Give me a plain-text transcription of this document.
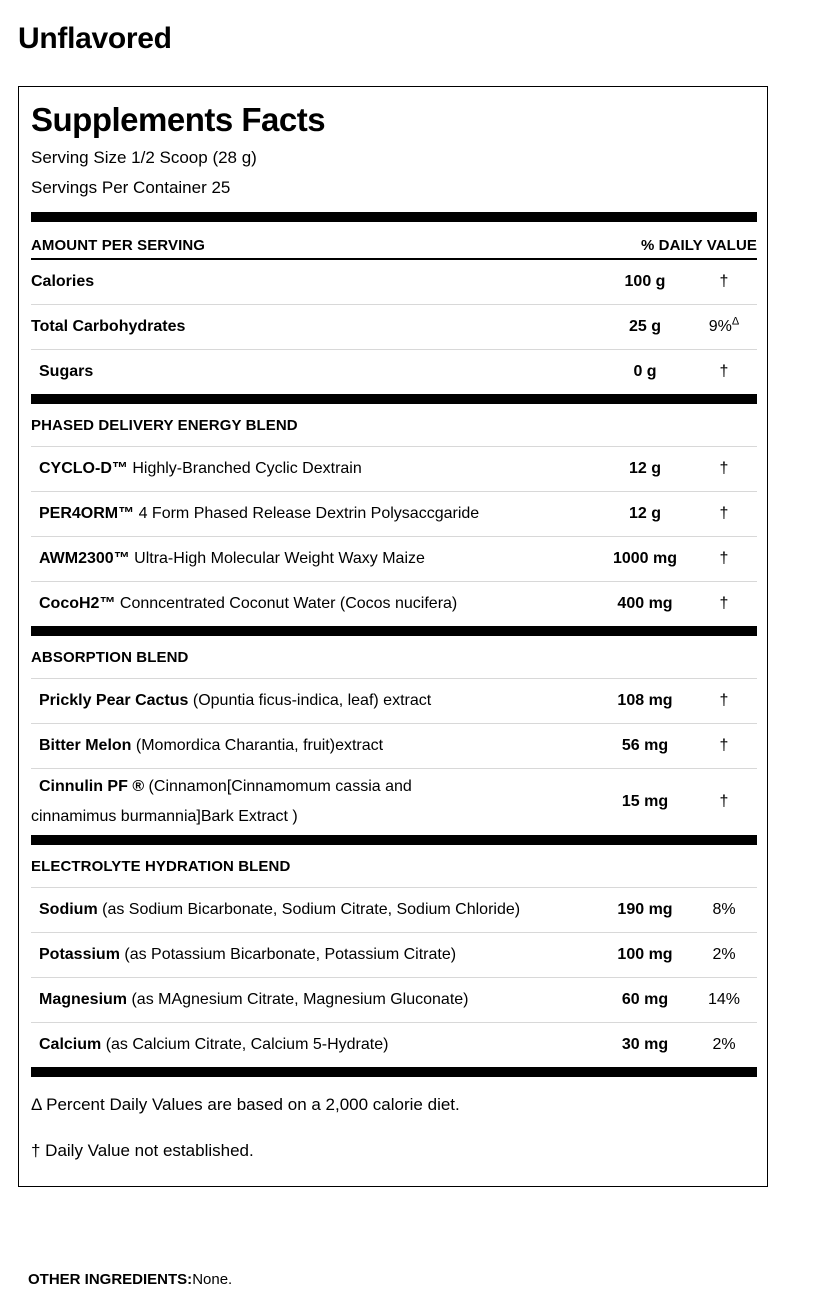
Unflavored
Supplements Facts
Serving Size 1/2 Scoop (28 g)
Servings Per Container 25
AMOUNT PER SERVING	% DAILY VALUE
Calories	100 g	†
Total Carbohydrates	25 g	9%$^\Delta$
Sugars	0 g	†
PHASED DELIVERY ENERGY BLEND
CYCLO-D™ Highly-Branched Cyclic Dextrain	12 g	†
PER4ORM™ 4 Form Phased Release Dextrin Polysaccgaride	12 g	†
AWM2300™ Ultra-High Molecular Weight Waxy Maize	1000 mg	†
CocoH2™ Conncentrated Coconut Water (Cocos nucifera)	400 mg	†
ABSORPTION BLEND
Prickly Pear Cactus (Opuntia ficus-indica, leaf) extract	108 mg	†
Bitter Melon (Momordica Charantia, fruit)extract	56 mg	†
Cinnulin PF ® (Cinnamon[Cinnamomum cassia and
cinnamimus burmannia]Bark Extract )
15 mg	†
ELECTROLYTE HYDRATION BLEND
Sodium (as Sodium Bicarbonate, Sodium Citrate, Sodium Chloride)	190 mg	8%
Potassium (as Potassium Bicarbonate, Potassium Citrate)	100 mg	2%
Magnesium (as MAgnesium Citrate, Magnesium Gluconate)	60 mg	14%
Calcium (as Calcium Citrate, Calcium 5-Hydrate)	30 mg	2%
Δ Percent Daily Values are based on a 2,000 calorie diet.
† Daily Value not established.
OTHER INGREDIENTS:None.
